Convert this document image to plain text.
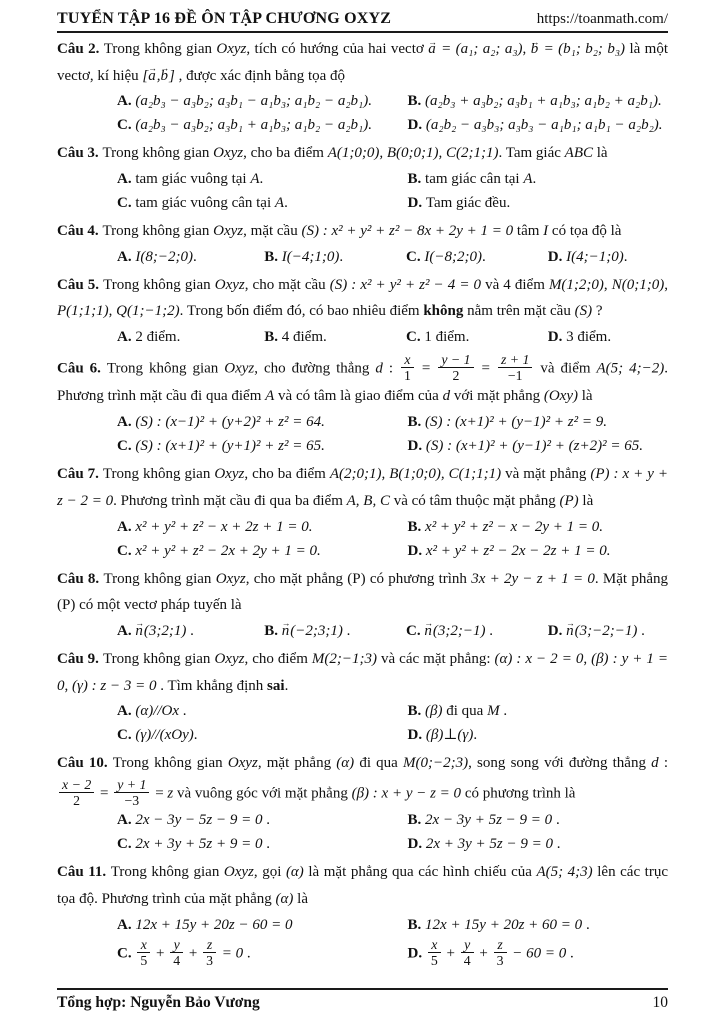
TUYỂN TẬP 16 ĐỀ ÔN TẬP CHƯƠNG OXYZ	https://toanmath.com/
Câu 2. Trong không gian Oxyz, tích có hướng của hai vectơ → a = (a₁; a₂; a₃), → b = (b₁; b₂; b₃) là một vectơ, kí hiệu [→ a,→ b] , được xác định bằng tọa độ
A. (a₂b₃ − a₃b₂; a₃b₁ − a₁b₃; a₁b₂ − a₂b₁).	B. (a₂b₃ + a₃b₂; a₃b₁ + a₁b₃; a₁b₂ + a₂b₁).
C. (a₂b₃ − a₃b₂; a₃b₁ + a₁b₃; a₁b₂ − a₂b₁).	D. (a₂b₂ − a₃b₃; a₃b₃ − a₁b₁; a₁b₁ − a₂b₂).
Câu 3. Trong không gian Oxyz, cho ba điểm A(1;0;0), B(0;0;1), C(2;1;1). Tam giác ABC là
A. tam giác vuông tại A.	B. tam giác cân tại A.
C. tam giác vuông cân tại A.	D. Tam giác đều.
Câu 4. Trong không gian Oxyz, mặt cầu (S) : x² + y² + z² − 8x + 2y + 1 = 0 tâm I có tọa độ là
A. I(8;−2;0).	B. I(−4;1;0).	C. I(−8;2;0).	D. I(4;−1;0).
Câu 5. Trong không gian Oxyz, cho mặt cầu (S) : x² + y² + z² − 4 = 0 và 4 điểm M(1;2;0), N(0;1;0), P(1;1;1), Q(1;−1;2). Trong bốn điểm đó, có bao nhiêu điểm không nằm trên mặt cầu (S) ?
A. 2 điểm.	B. 4 điểm.	C. 1 điểm.	D. 3 điểm.
Câu 6. Trong không gian Oxyz, cho đường thẳng d : $\frac{x}{1} = \frac{y - 1}{2} = \frac{z + 1}{-1}$ và điểm A(5; 4;−2). Phương trình mặt cầu đi qua điểm A và có tâm là giao điểm của d với mặt phẳng (Oxy) là
A. (S) : (x−1)² + (y+2)² + z² = 64.	B. (S) : (x+1)² + (y−1)² + z² = 9.
C. (S) : (x+1)² + (y+1)² + z² = 65.	D. (S) : (x+1)² + (y−1)² + (z+2)² = 65.
Câu 7. Trong không gian Oxyz, cho ba điểm A(2;0;1), B(1;0;0), C(1;1;1) và mặt phẳng (P) : x + y + z − 2 = 0. Phương trình mặt cầu đi qua ba điểm A, B, C và có tâm thuộc mặt phẳng (P) là
A. x² + y² + z² − x + 2z + 1 = 0.	B. x² + y² + z² − x − 2y + 1 = 0.
C. x² + y² + z² − 2x + 2y + 1 = 0.	D. x² + y² + z² − 2x − 2z + 1 = 0.
Câu 8. Trong không gian Oxyz, cho mặt phẳng (P) có phương trình 3x + 2y − z + 1 = 0. Mặt phẳng (P) có một vectơ pháp tuyến là
A. → n(3;2;1) .	B. → n(−2;3;1) .	C. → n(3;2;−1) .	D. → n(3;−2;−1) .
Câu 9. Trong không gian Oxyz, cho điểm M(2;−1;3) và các mặt phẳng: (α) : x − 2 = 0, (β) : y + 1 = 0, (γ) : z − 3 = 0 . Tìm khẳng định sai.
A. (α)//Ox .	B. (β) đi qua M .
C. (γ)//(xOy).	D. (β)⊥(γ).
Câu 10. Trong không gian Oxyz, mặt phẳng (α) đi qua M(0;−2;3), song song với đường thẳng d :
$\frac{x - 2}{2} = \frac{y + 1}{-3} = z$ và vuông góc với mặt phẳng (β) : x + y − z = 0 có phương trình là
A. 2x − 3y − 5z − 9 = 0 .	B. 2x − 3y + 5z − 9 = 0 .
C. 2x + 3y + 5z + 9 = 0 .	D. 2x + 3y + 5z − 9 = 0 .
Câu 11. Trong không gian Oxyz, gọi (α) là mặt phẳng qua các hình chiếu của A(5; 4;3) lên các trục tọa độ. Phương trình của mặt phẳng (α) là
A. 12x + 15y + 20z − 60 = 0	B. 12x + 15y + 20z + 60 = 0 .
C. $\frac{x}{5} + \frac{y}{4} + \frac{z}{3} = 0$ .	D. $\frac{x}{5} + \frac{y}{4} + \frac{z}{3} - 60 = 0$ .
Tổng hợp: Nguyễn Bảo Vương	10
